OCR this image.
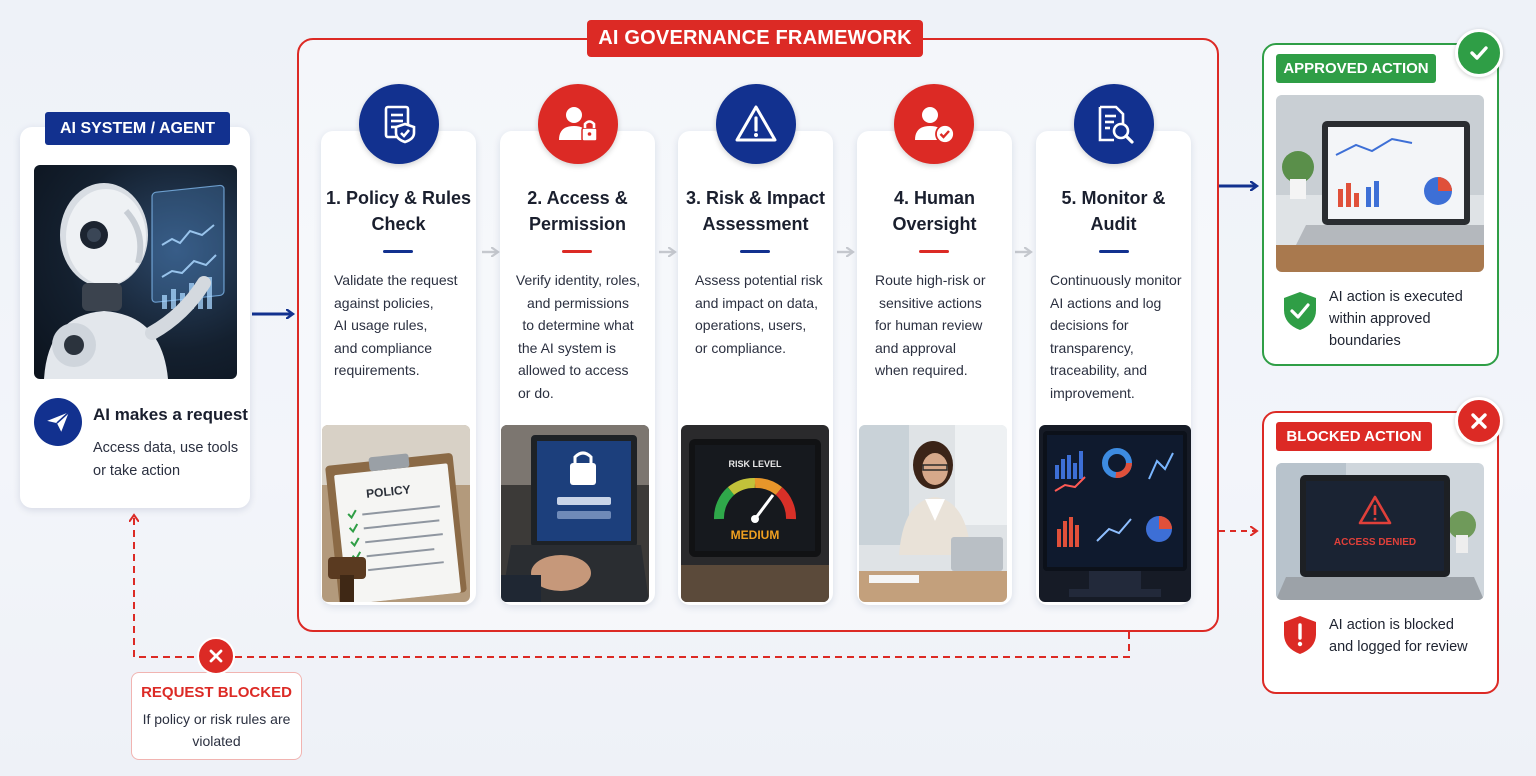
AI SYSTEM / AGENT
AI makes a request
Access data, use tools or take action
AI GOVERNANCE FRAMEWORK
1. Policy & Rules
Check
Validate the request
against policies,
AI usage rules,
and compliance
requirements.
POLICY
2. Access &
Permission
Verify identity, roles,
and permissions
to determine what
the AI system is
allowed to access
or do.
3. Risk & Impact
Assessment
Assess potential risk
and impact on data,
operations, users,
or compliance.
RISK LEVEL
MEDIUM
4. Human
Oversight
Route high-risk or
sensitive actions
for human review
and approval
when required.
5. Monitor &
Audit
Continuously monitor
AI actions and log
decisions for
transparency,
traceability, and
improvement.
APPROVED ACTION
AI action is executed within approved boundaries
BLOCKED ACTION
ACCESS DENIED
AI action is blocked and logged for review
REQUEST BLOCKED
If policy or risk rules are violated
